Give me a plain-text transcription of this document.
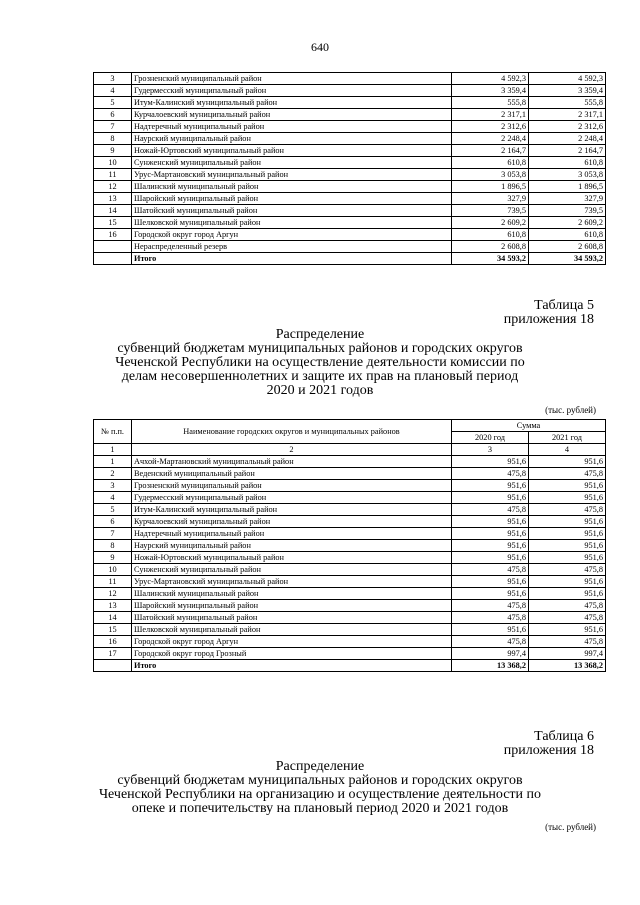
640
3	Грозненский муниципальный район	4 592,3	4 592,3
4	Гудермесский муниципальный район	3 359,4	3 359,4
5	Итум-Калинский муниципальный район	555,8	555,8
6	Курчалоевский муниципальный район	2 317,1	2 317,1
7	Надтеречный муниципальный район	2 312,6	2 312,6
8	Наурский муниципальный район	2 248,4	2 248,4
9	Ножай-Юртовский муниципальный район	2 164,7	2 164,7
10	Сунженский муниципальный район	610,8	610,8
11	Урус-Мартановский муниципальный район	3 053,8	3 053,8
12	Шалинский муниципальный район	1 896,5	1 896,5
13	Шаройский муниципальный район	327,9	327,9
14	Шатойский муниципальный район	739,5	739,5
15	Шелковской муниципальный район	2 609,2	2 609,2
16	Городской округ город Аргун	610,8	610,8
	Нераспределенный резерв	2 608,8	2 608,8
	Итого	34 593,2	34 593,2
Таблица 5
приложения 18
Распределение
субвенций бюджетам муниципальных районов и городских округов
Чеченской Республики на осуществление деятельности комиссии по
делам несовершеннолетних и защите их прав на плановый период
2020 и 2021 годов
(тыс. рублей)
№ п.п.	Наименование городских округов и муниципальных районов	Сумма	
		2020 год	2021 год
1	2	3	4
1	Ачхой-Мартановский муниципальный район	951,6	951,6
2	Веденский муниципальный район	475,8	475,8
3	Грозненский муниципальный район	951,6	951,6
4	Гудермесский муниципальный район	951,6	951,6
5	Итум-Калинский муниципальный район	475,8	475,8
6	Курчалоевский муниципальный район	951,6	951,6
7	Надтеречный муниципальный район	951,6	951,6
8	Наурский муниципальный район	951,6	951,6
9	Ножай-Юртовский муниципальный район	951,6	951,6
10	Сунженский муниципальный район	475,8	475,8
11	Урус-Мартановский муниципальный район	951,6	951,6
12	Шалинский муниципальный район	951,6	951,6
13	Шаройский муниципальный район	475,8	475,8
14	Шатойский муниципальный район	475,8	475,8
15	Шелковской муниципальный район	951,6	951,6
16	Городской округ город Аргун	475,8	475,8
17	Городской округ город Грозный	997,4	997,4
	Итого	13 368,2	13 368,2
Таблица 6
приложения 18
Распределение
субвенций бюджетам муниципальных районов и городских округов
Чеченской Республики на организацию и осуществление деятельности по
опеке и попечительству на плановый период 2020 и 2021 годов
(тыс. рублей)
